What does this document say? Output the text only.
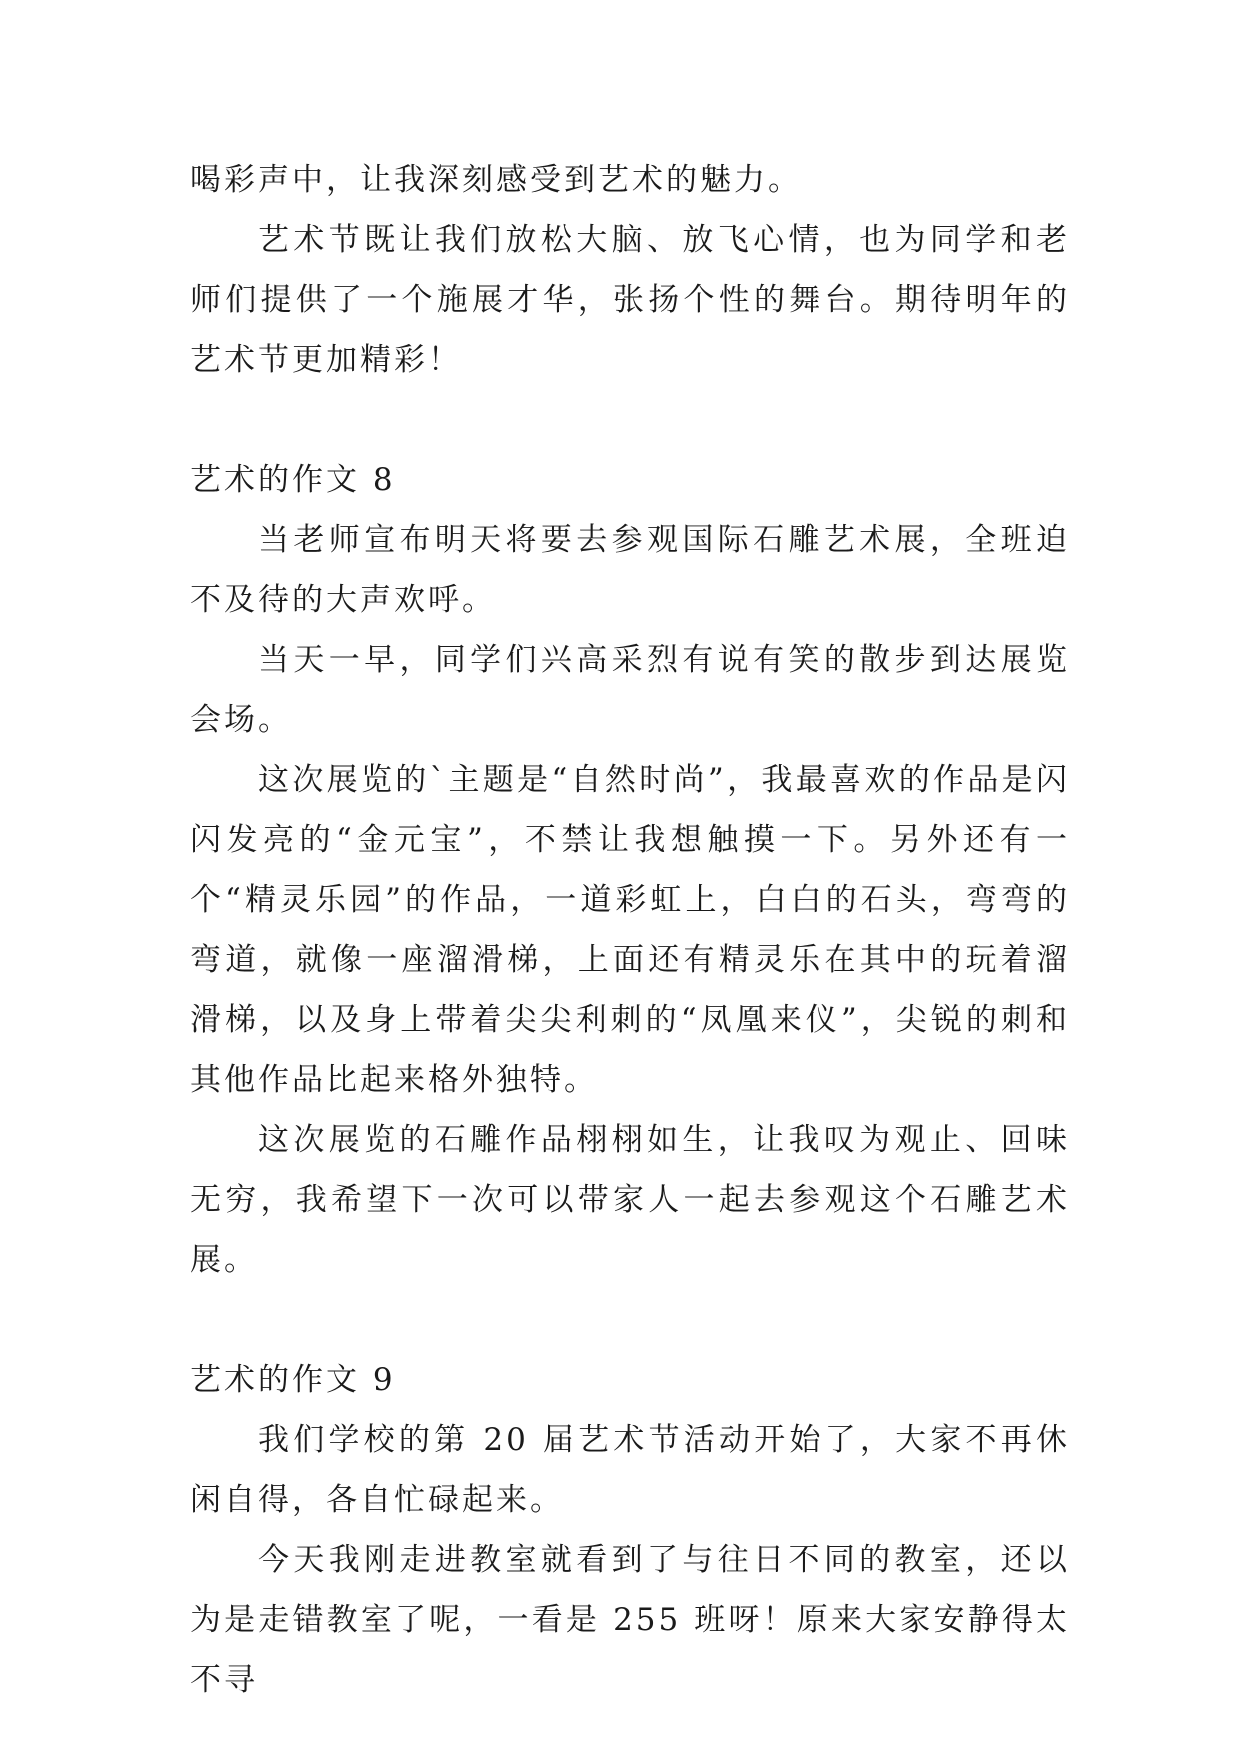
喝彩声中，让我深刻感受到艺术的魅力。

艺术节既让我们放松大脑、放飞心情，也为同学和老师们提供了一个施展才华，张扬个性的舞台。期待明年的艺术节更加精彩！

艺术的作文 8

当老师宣布明天将要去参观国际石雕艺术展，全班迫不及待的大声欢呼。

当天一早，同学们兴高采烈有说有笑的散步到达展览会场。

这次展览的`主题是“自然时尚”，我最喜欢的作品是闪闪发亮的“金元宝”，不禁让我想触摸一下。另外还有一个“精灵乐园”的作品，一道彩虹上，白白的石头，弯弯的弯道，就像一座溜滑梯，上面还有精灵乐在其中的玩着溜滑梯，以及身上带着尖尖利刺的“凤凰来仪”，尖锐的刺和其他作品比起来格外独特。

这次展览的石雕作品栩栩如生，让我叹为观止、回味无穷，我希望下一次可以带家人一起去参观这个石雕艺术展。

艺术的作文 9

我们学校的第 20 届艺术节活动开始了，大家不再休闲自得，各自忙碌起来。

今天我刚走进教室就看到了与往日不同的教室，还以为是走错教室了呢，一看是 255 班呀！原来大家安静得太不寻
